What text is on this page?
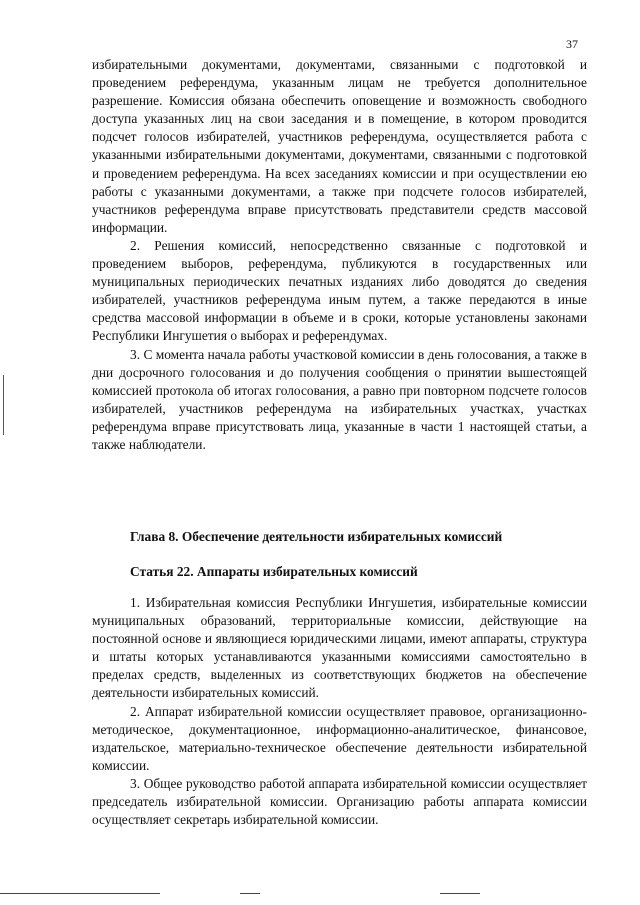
37

избирательными документами, документами, связанными с подготовкой и проведением референдума, указанным лицам не требуется дополнительное разрешение. Комиссия обязана обеспечить оповещение и возможность свободного доступа указанных лиц на свои заседания и в помещение, в котором проводится подсчет голосов избирателей, участников референдума, осуществляется работа с указанными избирательными документами, документами, связанными с подготовкой и проведением референдума. На всех заседаниях комиссии и при осуществлении ею работы с указанными документами, а также при подсчете голосов избирателей, участников референдума вправе присутствовать представители средств массовой информации.

2. Решения комиссий, непосредственно связанные с подготовкой и проведением выборов, референдума, публикуются в государственных или муниципальных периодических печатных изданиях либо доводятся до сведения избирателей, участников референдума иным путем, а также передаются в иные средства массовой информации в объеме и в сроки, которые установлены законами Республики Ингушетия о выборах и референдумах.

3. С момента начала работы участковой комиссии в день голосования, а также в дни досрочного голосования и до получения сообщения о принятии вышестоящей комиссией протокола об итогах голосования, а равно при повторном подсчете голосов избирателей, участников референдума на избирательных участках, участках референдума вправе присутствовать лица, указанные в части 1 настоящей статьи, а также наблюдатели.

Глава 8. Обеспечение деятельности избирательных комиссий
Статья 22. Аппараты избирательных комиссий

1. Избирательная комиссия Республики Ингушетия, избирательные комиссии муниципальных образований, территориальные комиссии, действующие на постоянной основе и являющиеся юридическими лицами, имеют аппараты, структура и штаты которых устанавливаются указанными комиссиями самостоятельно в пределах средств, выделенных из соответствующих бюджетов на обеспечение деятельности избирательных комиссий.

2. Аппарат избирательной комиссии осуществляет правовое, организационно-методическое, документационное, информационно-аналитическое, финансовое, издательское, материально-техническое обеспечение деятельности избирательной комиссии.

3. Общее руководство работой аппарата избирательной комиссии осуществляет председатель избирательной комиссии. Организацию работы аппарата комиссии осуществляет секретарь избирательной комиссии.
